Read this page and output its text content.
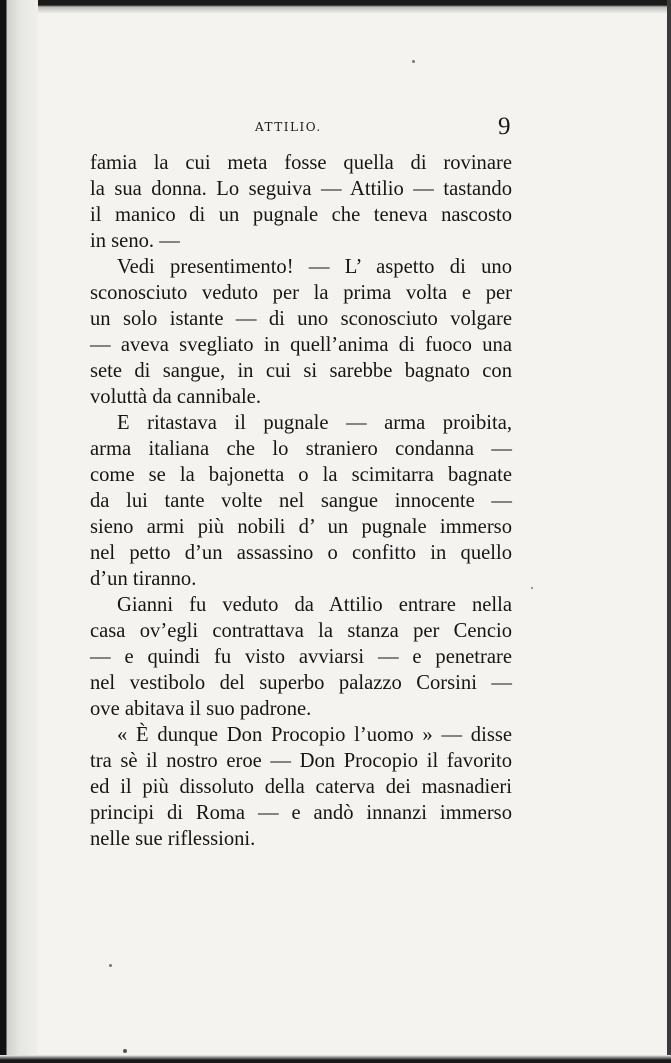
ATTILIO.	9
famia la cui meta fosse quella di rovinare
la sua donna. Lo seguiva — Attilio — tastando
il manico di un pugnale che teneva nascosto
in seno. —
Vedi presentimento! — L’ aspetto di uno
sconosciuto veduto per la prima volta e per
un solo istante — di uno sconosciuto volgare
— aveva svegliato in quell’anima di fuoco una
sete di sangue, in cui si sarebbe bagnato con
voluttà da cannibale.
E ritastava il pugnale — arma proibita,
arma italiana che lo straniero condanna —
come se la bajonetta o la scimitarra bagnate
da lui tante volte nel sangue innocente —
sieno armi più nobili d’ un pugnale immerso
nel petto d’un assassino o confitto in quello
d’un tiranno.
Gianni fu veduto da Attilio entrare nella
casa ov’egli contrattava la stanza per Cencio
— e quindi fu visto avviarsi — e penetrare
nel vestibolo del superbo palazzo Corsini —
ove abitava il suo padrone.
« È dunque Don Procopio l’uomo » — disse
tra sè il nostro eroe — Don Procopio il favorito
ed il più dissoluto della caterva dei masnadieri
principi di Roma — e andò innanzi immerso
nelle sue riflessioni.
